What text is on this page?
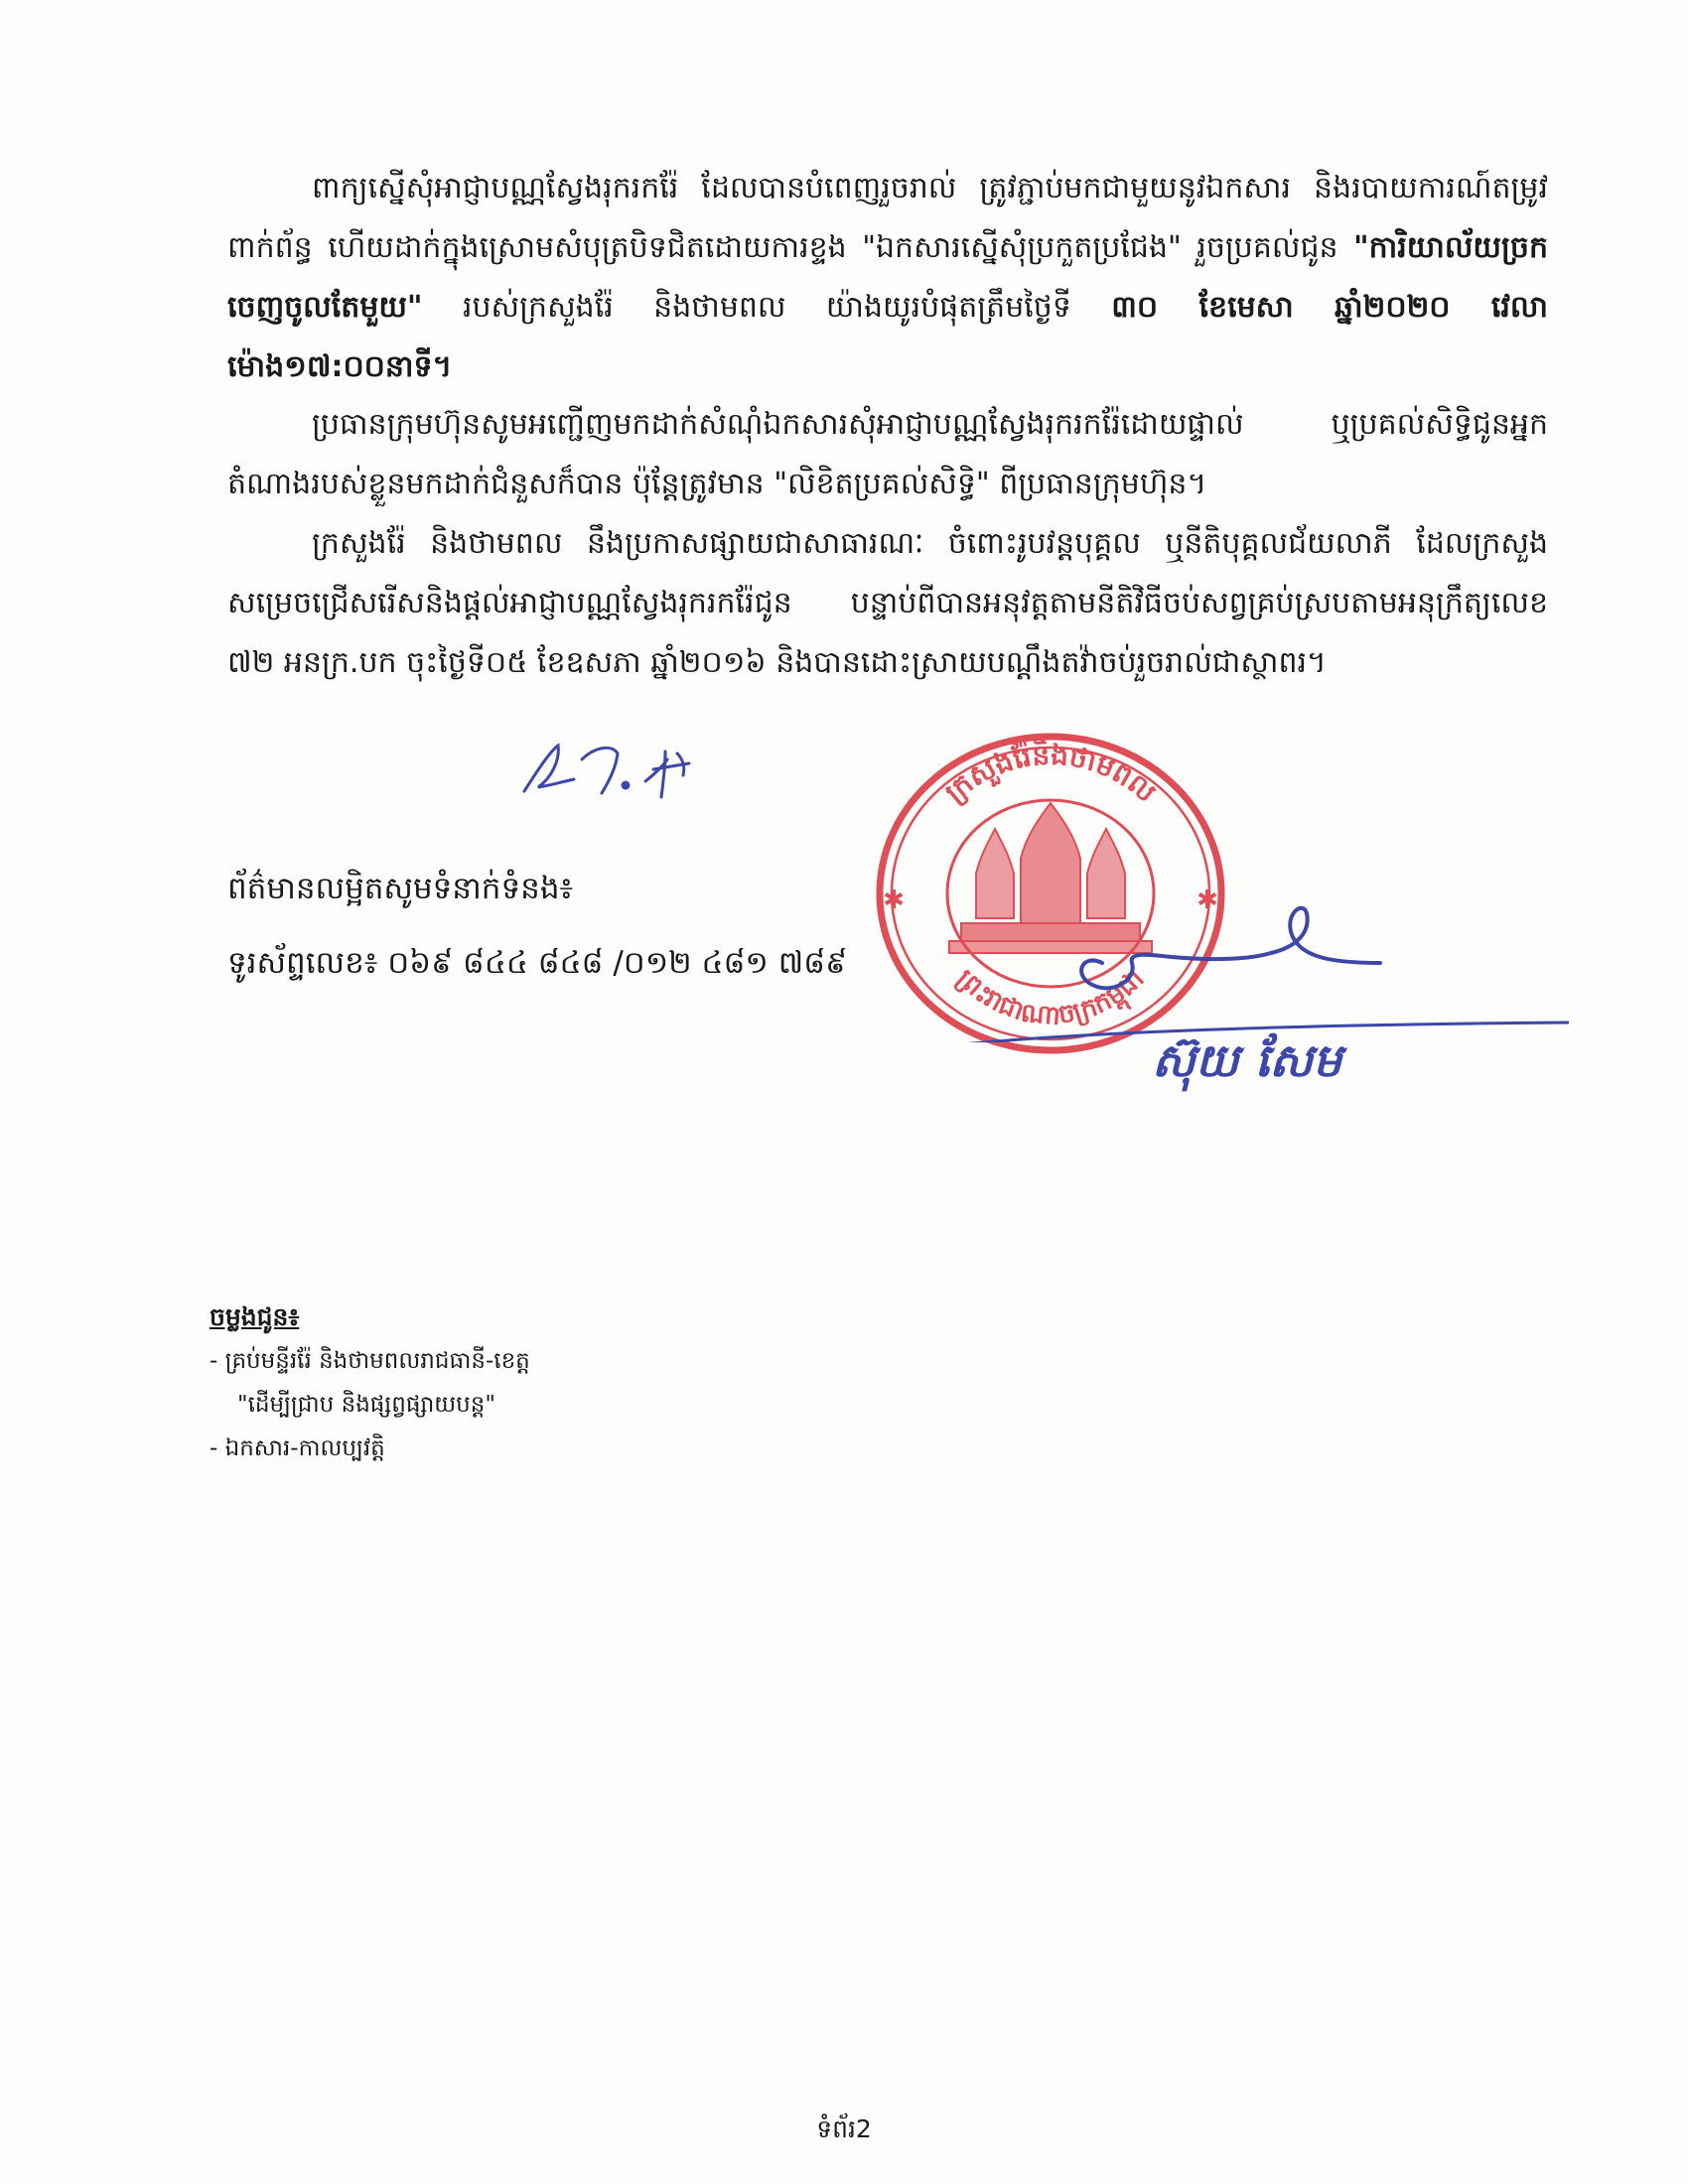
ពាក្យស្នើសុំអាជ្ញាបណ្ណស្វែងរុករករ៉ែ ដែលបានបំពេញរួចរាល់ ត្រូវភ្ជាប់មកជាមួយនូវឯកសារ និងរបាយការណ៍តម្រូវពាក់ព័ន្ធ ហើយដាក់ក្នុងស្រោមសំបុត្របិទជិតដោយការខ្ទង "ឯកសារស្នើសុំប្រកួតប្រជែង" រួចប្រគល់ជូន "ការិយាល័យច្រកចេញចូលតែមួយ" របស់ក្រសួងរ៉ែ និងថាមពល យ៉ាងយូរបំផុតត្រឹមថ្ងៃទី ៣០ ខែមេសា ឆ្នាំ២០២០ វេលាម៉ោង១៧:០០នាទី។

ប្រធានក្រុមហ៊ុនសូមអញ្ជើញមកដាក់សំណុំឯកសារសុំអាជ្ញាបណ្ណស្វែងរុករករ៉ែដោយផ្ទាល់ ឬប្រគល់សិទ្ធិជូនអ្នកតំណាងរបស់ខ្លួនមកដាក់ជំនួសក៏បាន ប៉ុន្តែត្រូវមាន "លិខិតប្រគល់សិទ្ធិ" ពីប្រធានក្រុមហ៊ុន។

ក្រសួងរ៉ែ និងថាមពល នឹងប្រកាសផ្សាយជាសាធារណៈ ចំពោះរូបវន្តបុគ្គល ឬនីតិបុគ្គលជ័យលាភី ដែលក្រសួងសម្រេចជ្រើសរើសនិងផ្តល់អាជ្ញាបណ្ណស្វែងរុករករ៉ែជូន បន្ទាប់ពីបានអនុវត្តតាមនីតិវិធីចប់សព្វគ្រប់ស្របតាមអនុក្រឹត្យលេខ ៧២ អនក្រ.បក ចុះថ្ងៃទី០៥ ខែឧសភា ឆ្នាំ២០១៦ និងបានដោះស្រាយបណ្តឹងតវ៉ាចប់រួចរាល់ជាស្ថាពរ។

ក្រសួងរ៉ែនិងថាមពល
ព្រះរាជាណាចក្រកម្ពុជា
✱	✱
ស៊ុយ សែម
ព័ត៌មានលម្អិតសូមទំនាក់ទំនង៖
ទូរស័ព្ទលេខ៖ ០៦៩ ៨៤៤ ៨៤៨ /០១២ ៤៨១ ៧៨៩
ចម្លងជូន៖
- គ្រប់មន្ទីររ៉ែ និងថាមពលរាជធានី-ខេត្ត
"ដើម្បីជ្រាប និងផ្សព្វផ្សាយបន្ត"
- ឯកសារ-កាលប្បវត្តិ
ទំព័រ2
